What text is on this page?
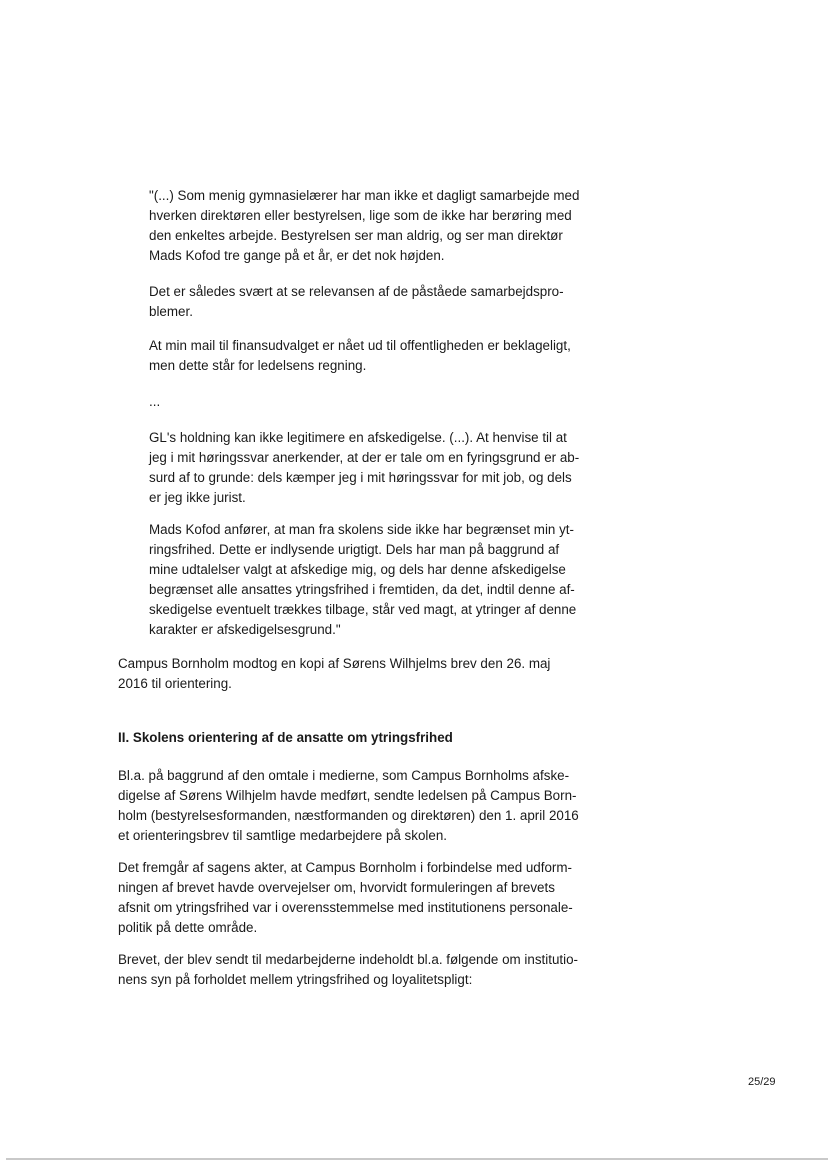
"(...) Som menig gymnasielærer har man ikke et dagligt samarbejde med
hverken direktøren eller bestyrelsen, lige som de ikke har berøring med
den enkeltes arbejde. Bestyrelsen ser man aldrig, og ser man direktør
Mads Kofod tre gange på et år, er det nok højden.
Det er således svært at se relevansen af de påståede samarbejdspro-
blemer.
At min mail til finansudvalget er nået ud til offentligheden er beklageligt,
men dette står for ledelsens regning.
...
GL's holdning kan ikke legitimere en afskedigelse. (...). At henvise til at
jeg i mit høringssvar anerkender, at der er tale om en fyringsgrund er ab-
surd af to grunde: dels kæmper jeg i mit høringssvar for mit job, og dels
er jeg ikke jurist.
Mads Kofod anfører, at man fra skolens side ikke har begrænset min yt-
ringsfrihed. Dette er indlysende urigtigt. Dels har man på baggrund af
mine udtalelser valgt at afskedige mig, og dels har denne afskedigelse
begrænset alle ansattes ytringsfrihed i fremtiden, da det, indtil denne af-
skedigelse eventuelt trækkes tilbage, står ved magt, at ytringer af denne
karakter er afskedigelsesgrund."
Campus Bornholm modtog en kopi af Sørens Wilhjelms brev den 26. maj
2016 til orientering.
II. Skolens orientering af de ansatte om ytringsfrihed
Bl.a. på baggrund af den omtale i medierne, som Campus Bornholms afske-
digelse af Sørens Wilhjelm havde medført, sendte ledelsen på Campus Born-
holm (bestyrelsesformanden, næstformanden og direktøren) den 1. april 2016
et orienteringsbrev til samtlige medarbejdere på skolen.
Det fremgår af sagens akter, at Campus Bornholm i forbindelse med udform-
ningen af brevet havde overvejelser om, hvorvidt formuleringen af brevets
afsnit om ytringsfrihed var i overensstemmelse med institutionens personale-
politik på dette område.
Brevet, der blev sendt til medarbejderne indeholdt bl.a. følgende om institutio-
nens syn på forholdet mellem ytringsfrihed og loyalitetspligt:
25/29
